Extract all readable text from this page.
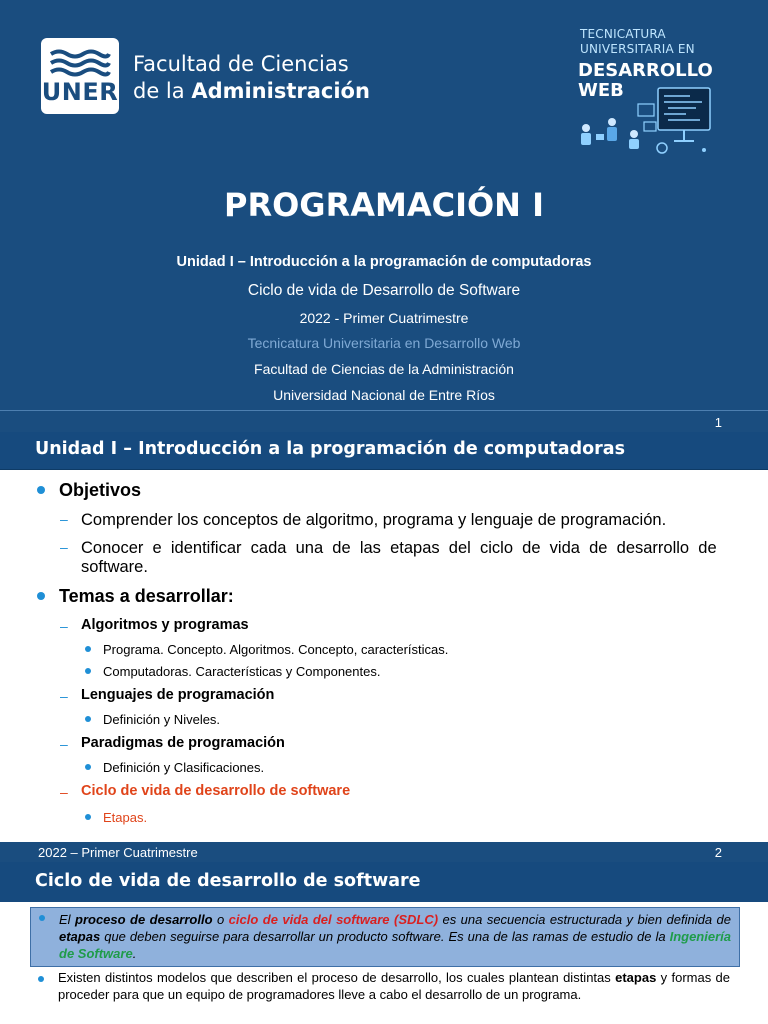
UNER
Facultad de Ciencias
de la Administración
TECNICATURA
UNIVERSITARIA EN
DESARROLLO
WEB
PROGRAMACIÓN I
Unidad I – Introducción a la programación de computadoras
Ciclo de vida de Desarrollo de Software
2022 - Primer Cuatrimestre
Tecnicatura Universitaria en Desarrollo Web
Facultad de Ciencias de la Administración
Universidad Nacional de Entre Ríos
1
Unidad I – Introducción a la programación de computadoras
Objetivos
– Comprender los conceptos de algoritmo, programa y lenguaje de programación.
– Conocer  e  identificar  cada  una  de  las  etapas  del  ciclo  de  vida  de  desarrollo  de
software.
Temas a desarrollar:
– Algoritmos y programas
Programa. Concepto. Algoritmos. Concepto, características.
Computadoras. Características y Componentes.
– Lenguajes de programación
Definición y Niveles.
– Paradigmas de programación
Definición y Clasificaciones.
– Ciclo de vida de desarrollo de software
Etapas.
2022 – Primer Cuatrimestre	2
Ciclo de vida de desarrollo de software

El proceso de desarrollo o ciclo de vida del software (SDLC) es una secuencia estructurada y bien definida de etapas que deben seguirse para desarrollar un producto software. Es una de las ramas de estudio de la Ingeniería de Software.

Existen distintos modelos que describen el proceso de desarrollo, los cuales plantean distintas etapas y formas de proceder para que un equipo de programadores lleve a cabo el desarrollo de un programa.
